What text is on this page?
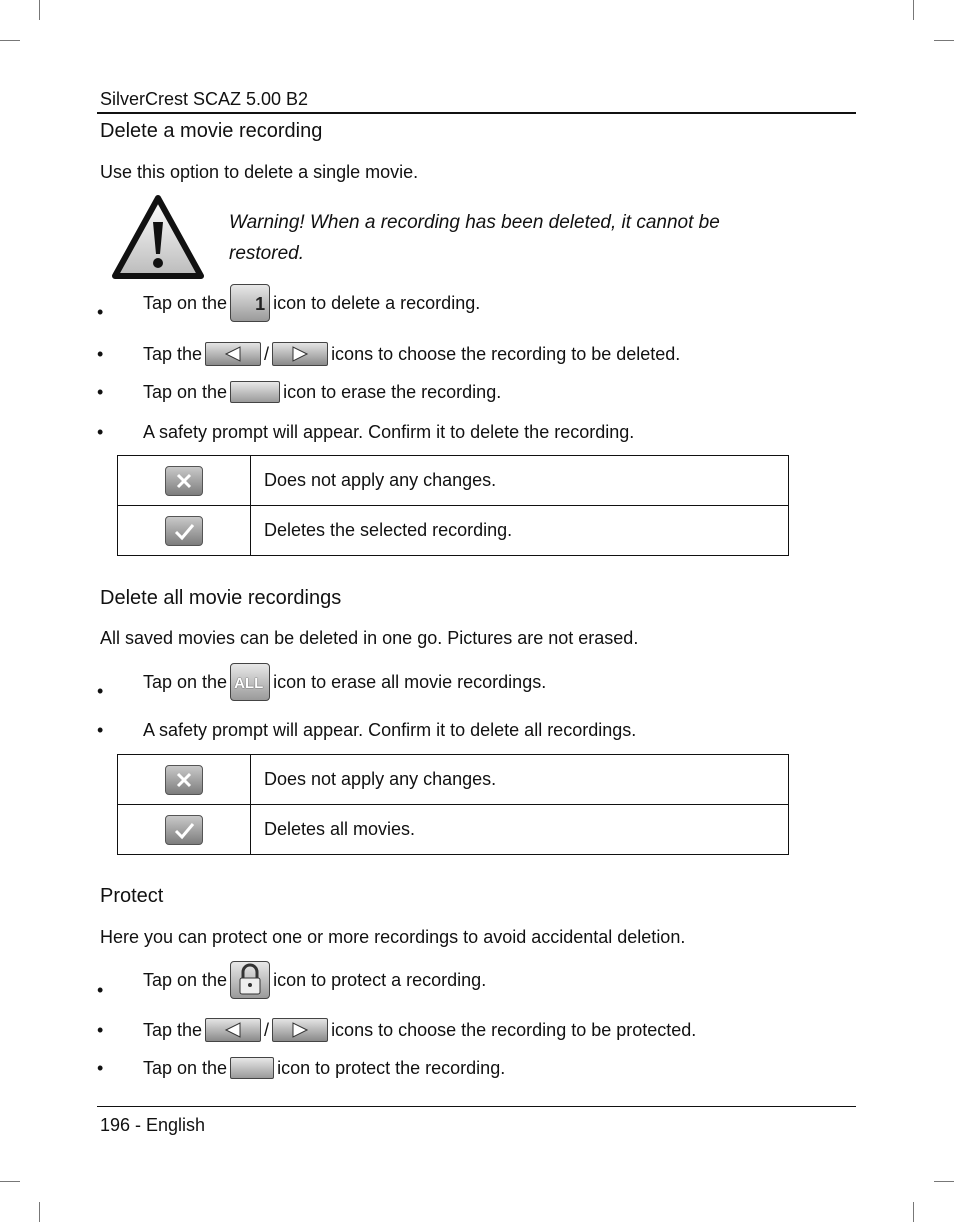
SilverCrest SCAZ 5.00 B2
Delete a movie recording
Use this option to delete a single movie.
Warning! When a recording has been deleted, it cannot be
restored.
• Tap on the 1 icon to delete a recording.
• Tap the	/	icons to choose the recording to be deleted.
• Tap on the	icon to erase the recording.
• A safety prompt will appear. Confirm it to delete the recording.
	Does not apply any changes.

	Deletes the selected recording.
Delete all movie recordings
All saved movies can be deleted in one go. Pictures are not erased.
• Tap on the ALL icon to erase all movie recordings.
• A safety prompt will appear. Confirm it to delete all recordings.
	Does not apply any changes.

	Deletes all movies.
Protect
Here you can protect one or more recordings to avoid accidental deletion.
• Tap on the	icon to protect a recording.
• Tap the	/	icons to choose the recording to be protected.
• Tap on the	icon to protect the recording.
196 - English
